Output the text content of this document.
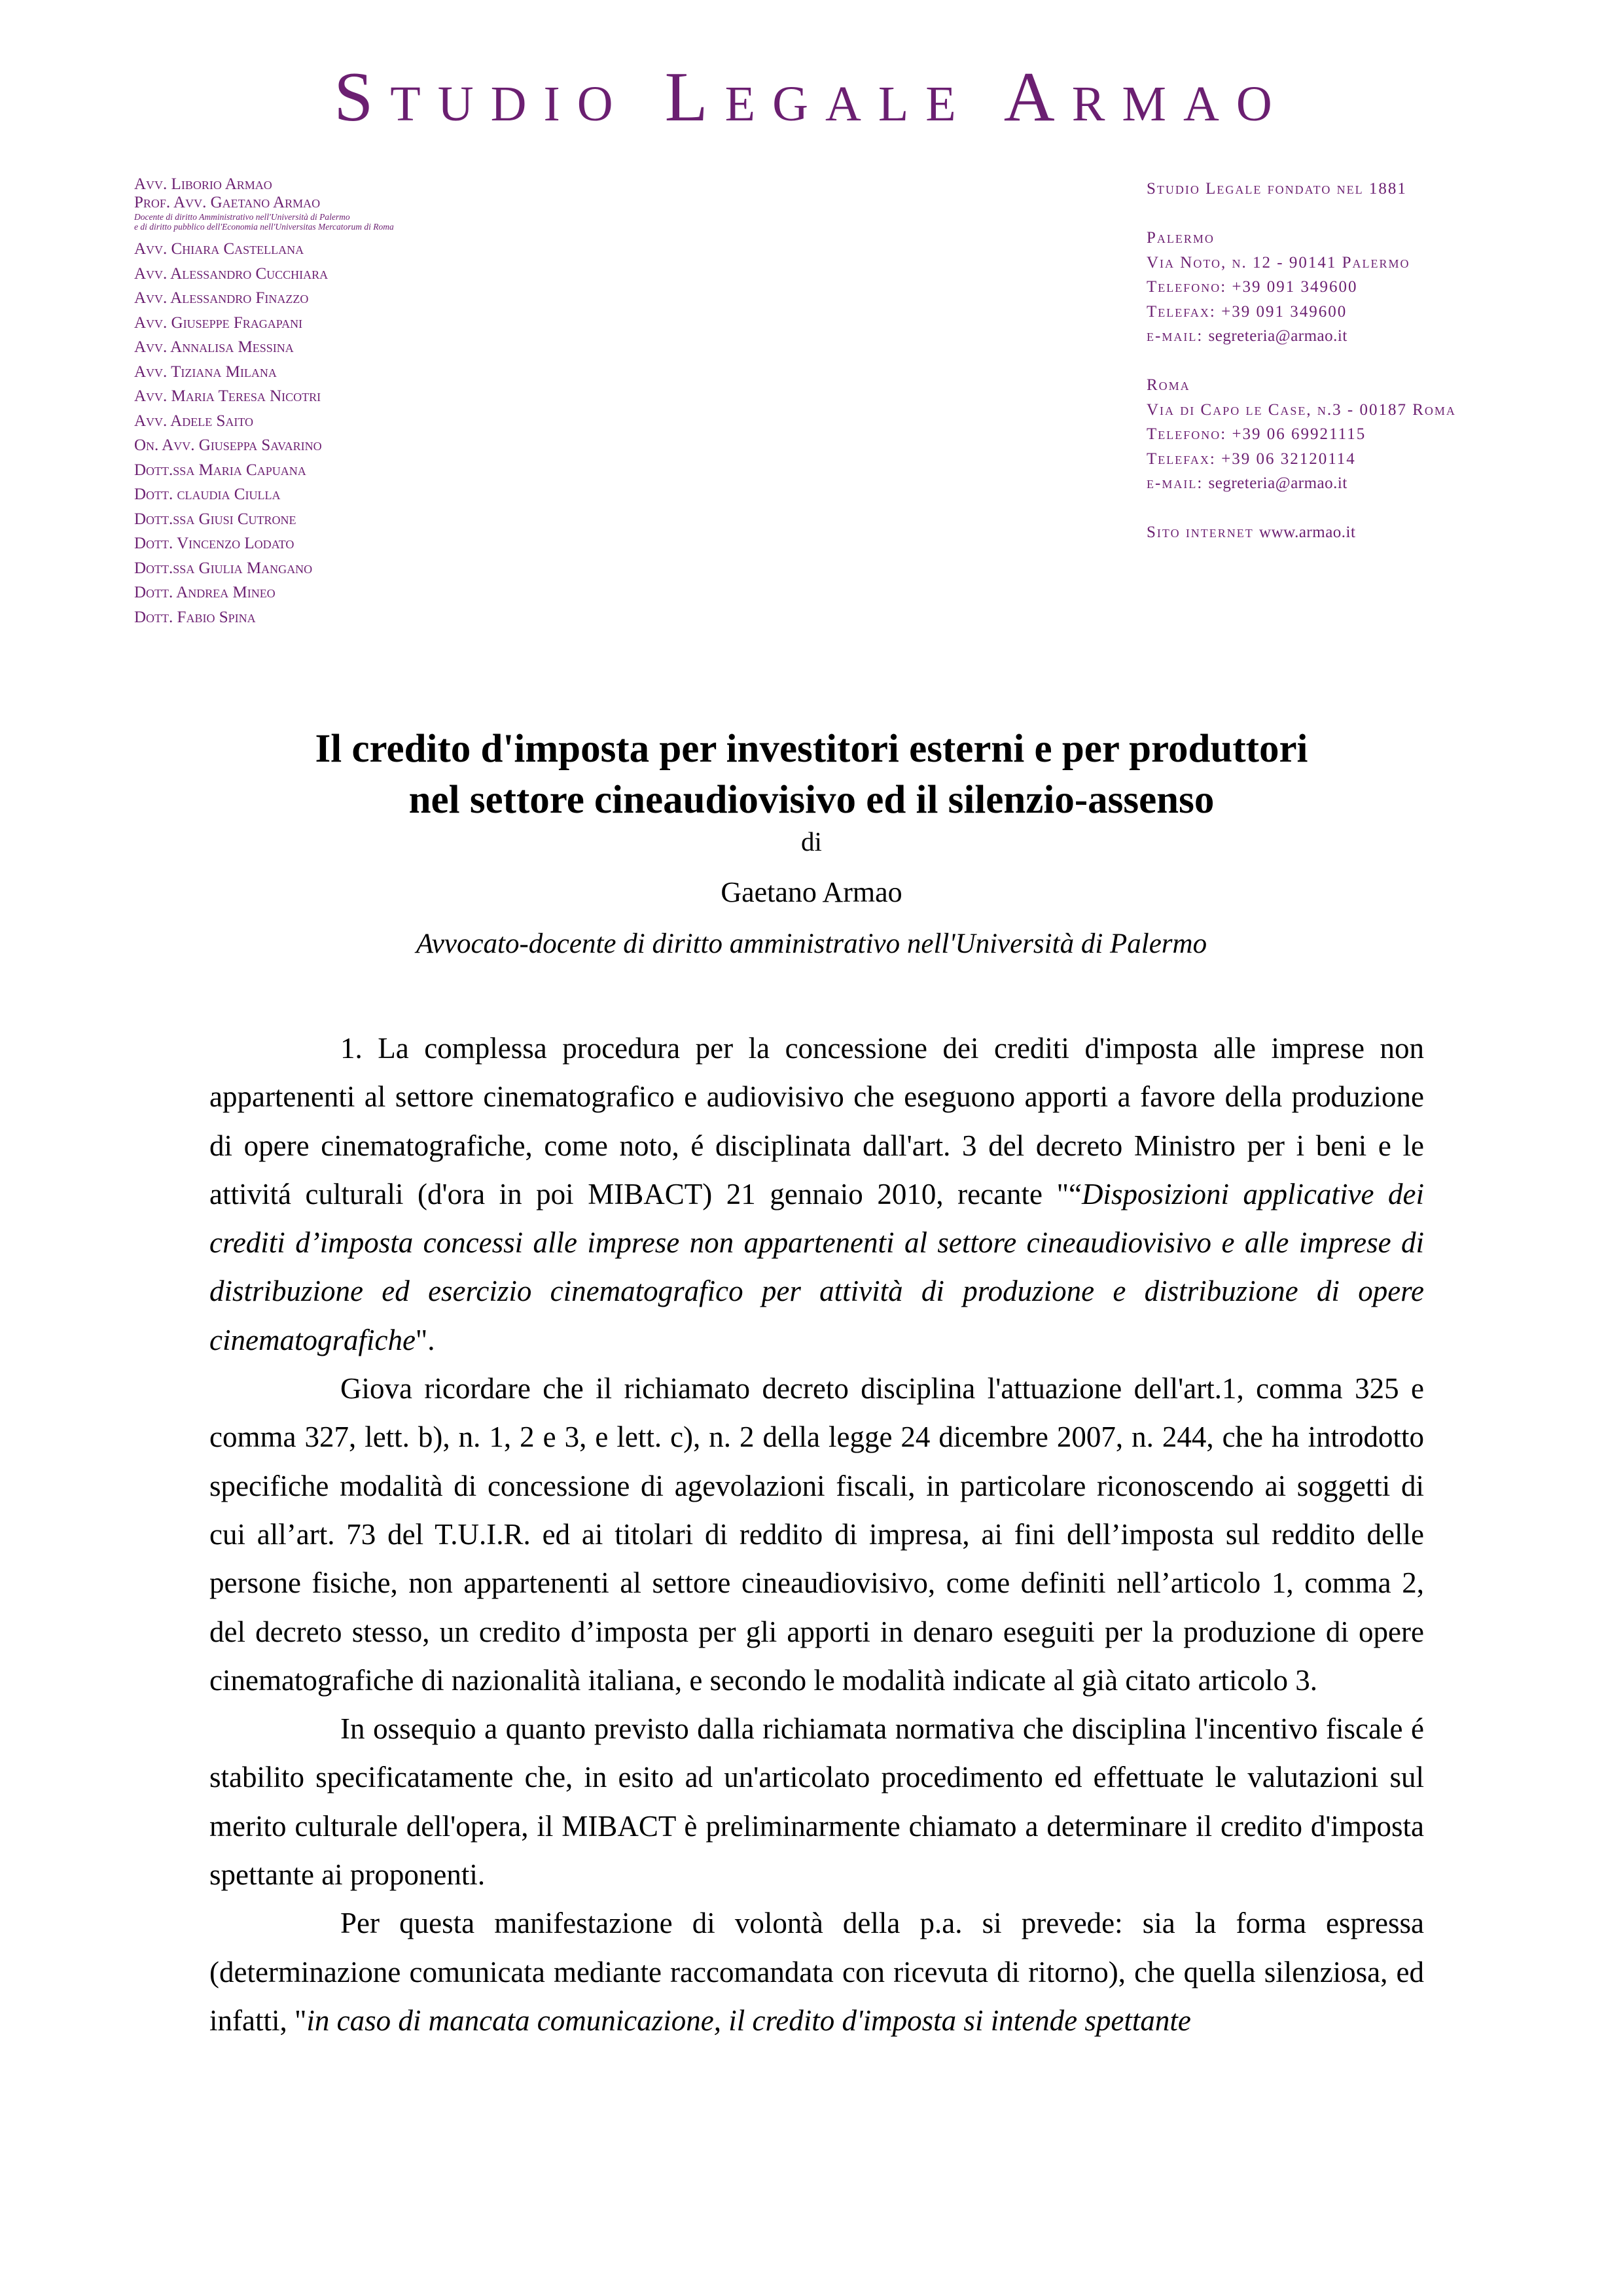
Studio Legale Armao
Avv. Liborio Armao
Prof. Avv. Gaetano Armao
Docente di diritto Amministrativo nell'Università di Palermo
e di diritto pubblico dell'Economia nell'Universitas Mercatorum di Roma
Avv. Chiara Castellana
Avv. Alessandro Cucchiara
Avv. Alessandro Finazzo
Avv. Giuseppe Fragapani
Avv. Annalisa Messina
Avv. Tiziana Milana
Avv. Maria Teresa Nicotri
Avv. Adele Saito
On. Avv. Giuseppa Savarino
Dott.ssa Maria Capuana
Dott. claudia Ciulla
Dott.ssa Giusi Cutrone
Dott. Vincenzo Lodato
Dott.ssa Giulia Mangano
Dott. Andrea Mineo
Dott. Fabio Spina
Studio Legale fondato nel 1881
Palermo
Via Noto, n. 12 - 90141 Palermo
Telefono: +39 091 349600
Telefax: +39 091 349600
e-mail: segreteria@armao.it
Roma
Via di Capo le Case, n.3 - 00187 Roma
Telefono: +39 06 69921115
Telefax: +39 06 32120114
e-mail: segreteria@armao.it
Sito internet www.armao.it
Il credito d'imposta per investitori esterni e per produttori
nel settore cineaudiovisivo ed il silenzio-assenso
di
Gaetano Armao
Avvocato-docente di diritto amministrativo nell'Università di Palermo

1. La complessa procedura per la concessione dei crediti d'imposta alle imprese non appartenenti al settore cinematografico e audiovisivo che eseguono apporti a favore della produzione di opere cinematografiche, come noto, é disciplinata dall'art. 3 del decreto Ministro per i beni e le attivitá culturali (d'ora in poi MIBACT) 21 gennaio 2010, recante "“Disposizioni applicative dei crediti d’imposta concessi alle imprese non appartenenti al settore cineaudiovisivo e alle imprese di distribuzione ed esercizio cinematografico per attività di produzione e distribuzione di opere cinematografiche".

Giova ricordare che il richiamato decreto disciplina l'attuazione dell'art.1, comma 325 e comma 327, lett. b), n. 1, 2 e 3, e lett. c), n. 2 della legge 24 dicembre 2007, n. 244, che ha introdotto specifiche modalità di concessione di agevolazioni fiscali, in particolare riconoscendo ai soggetti di cui all’art. 73 del T.U.I.R. ed ai titolari di reddito di impresa, ai fini dell’imposta sul reddito delle persone fisiche, non appartenenti al settore cineaudiovisivo, come definiti nell’articolo 1, comma 2, del decreto stesso, un credito d’imposta per gli apporti in denaro eseguiti per la produzione di opere cinematografiche di nazionalità italiana, e secondo le modalità indicate al già citato articolo 3.

In ossequio a quanto previsto dalla richiamata normativa che disciplina l'incentivo fiscale é stabilito specificatamente che, in esito ad un'articolato procedimento ed effettuate le valutazioni sul merito culturale dell'opera, il MIBACT è preliminarmente chiamato a determinare il credito d'imposta spettante ai proponenti.

Per questa manifestazione di volontà della p.a. si prevede: sia la forma espressa (determinazione comunicata mediante raccomandata con ricevuta di ritorno), che quella silenziosa, ed infatti, "in caso di mancata comunicazione, il credito d'imposta si intende spettante
